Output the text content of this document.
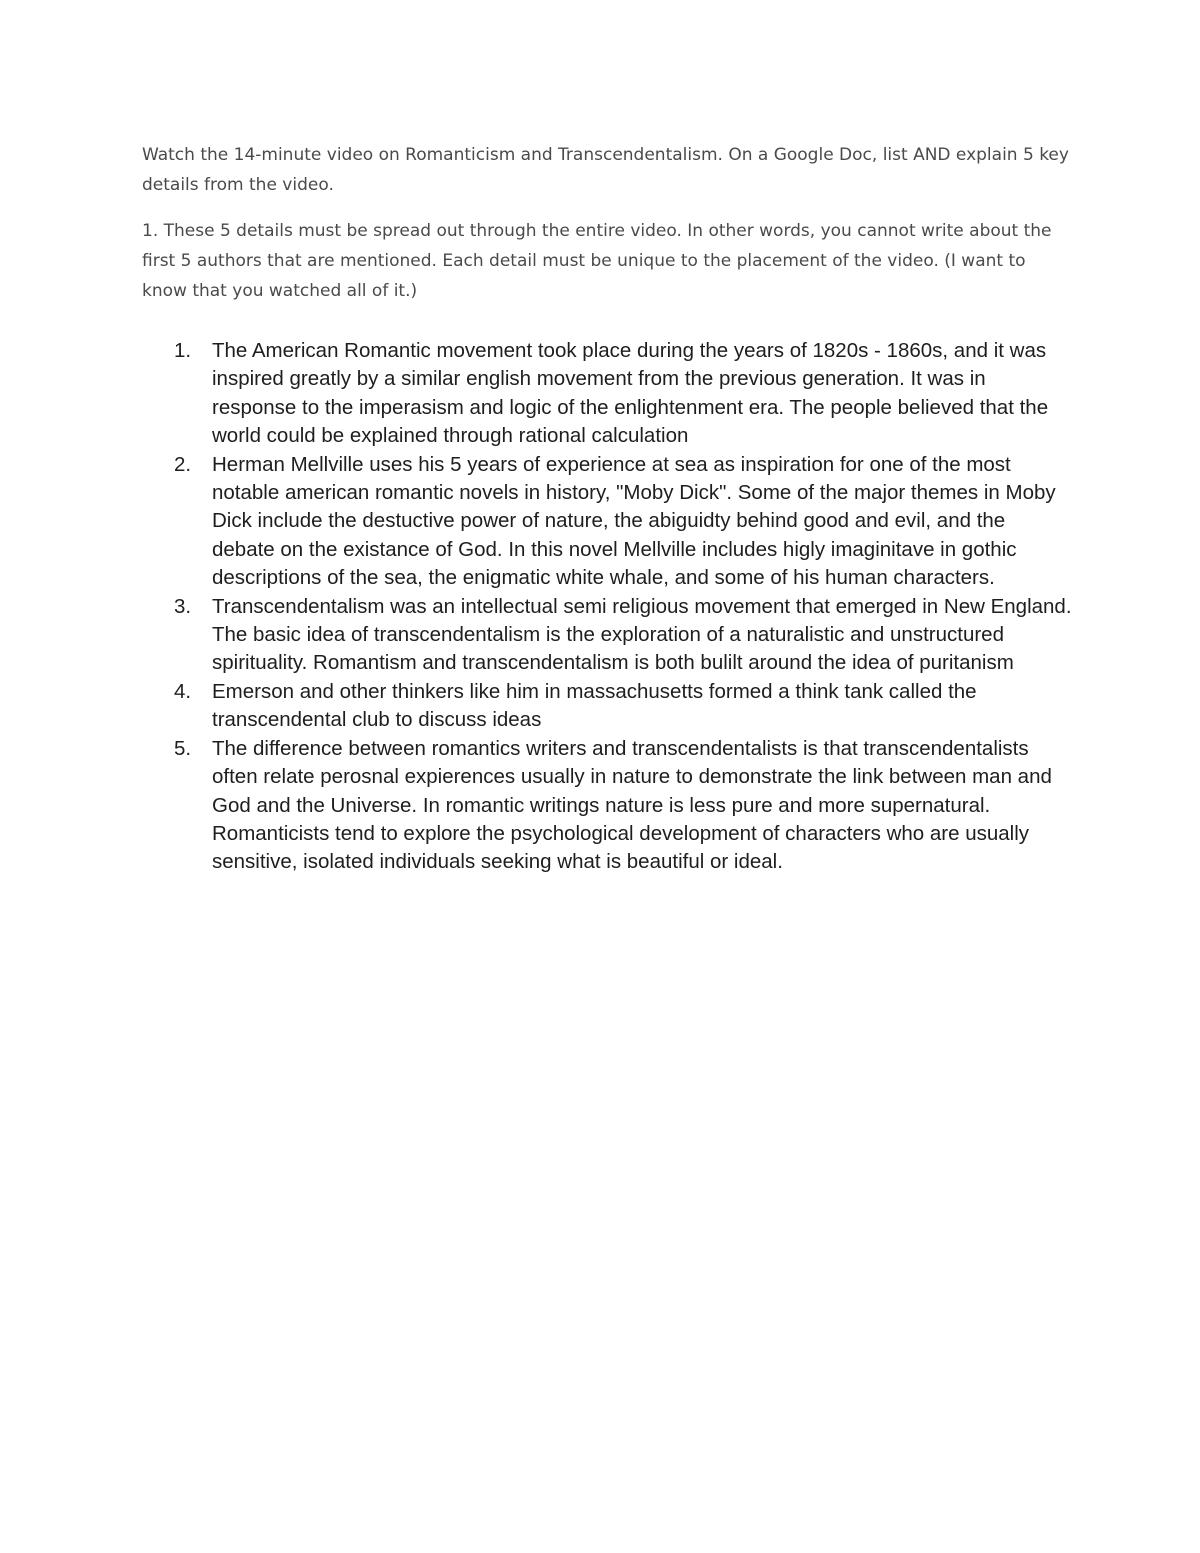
Watch the 14-minute video on Romanticism and Transcendentalism. On a Google Doc, list AND explain 5 key details from the video.

1. These 5 details must be spread out through the entire video. In other words, you cannot write about the first 5 authors that are mentioned. Each detail must be unique to the placement of the video. (I want to know that you watched all of it.)

1.	The American Romantic movement took place during the years of 1820s - 1860s, and it was inspired greatly by a similar english movement from the previous generation. It was in response to the imperasism and logic of the enlightenment era. The people believed that the world could be explained through rational calculation
2.	Herman Mellville uses his 5 years of experience at sea as inspiration for one of the most notable american romantic novels in history, "Moby Dick". Some of the major themes in Moby Dick include the destuctive power of nature, the abiguidty behind good and evil, and the debate on the existance of God. In this novel Mellville includes higly imaginitave in gothic descriptions of the sea, the enigmatic white whale, and some of his human characters.
3.	Transcendentalism was an intellectual semi religious movement that emerged in New England. The basic idea of transcendentalism is the exploration of a naturalistic and unstructured spirituality. Romantism and transcendentalism is both bulilt around the idea of puritanism
4.	Emerson and other thinkers like him in massachusetts formed a think tank called the transcendental club to discuss ideas
5.	The difference between romantics writers and transcendentalists is that transcendentalists often relate perosnal expierences usually in nature to demonstrate the link between man and God and the Universe. In romantic writings nature is less pure and more supernatural. Romanticists tend to explore the psychological development of characters who are usually sensitive, isolated individuals seeking what is beautiful or ideal.
